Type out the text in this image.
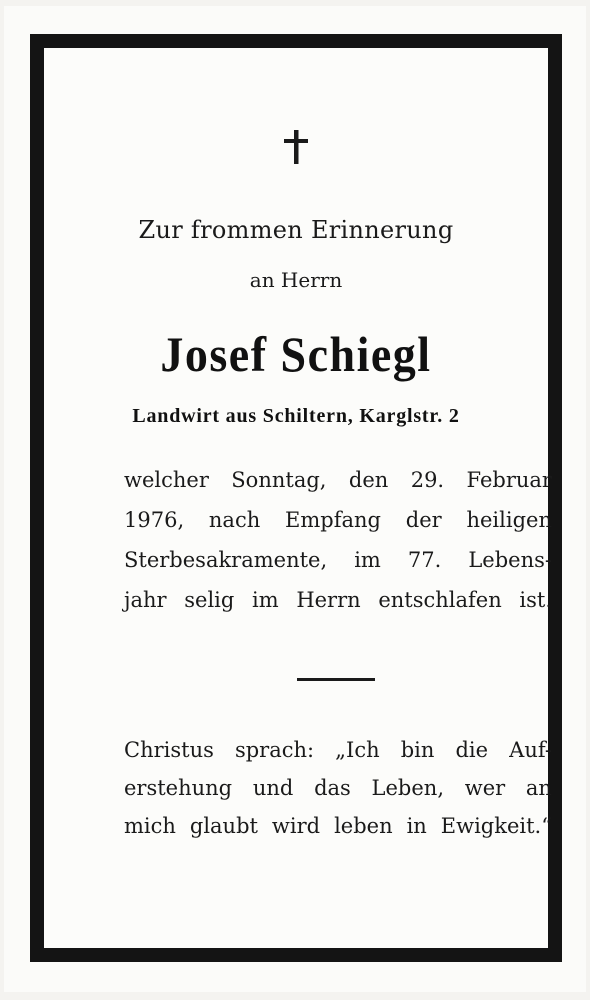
Zur frommen Erinnerung
an Herrn
Josef Schiegl
Landwirt aus Schiltern, Karglstr. 2
welcher Sonntag, den 29. Februar
1976, nach Empfang der heiligen
Sterbesakramente, im 77. Lebens-
jahr selig im Herrn entschlafen ist.
Christus sprach: „Ich bin die Auf-
erstehung und das Leben, wer an
mich glaubt wird leben in Ewigkeit.“
